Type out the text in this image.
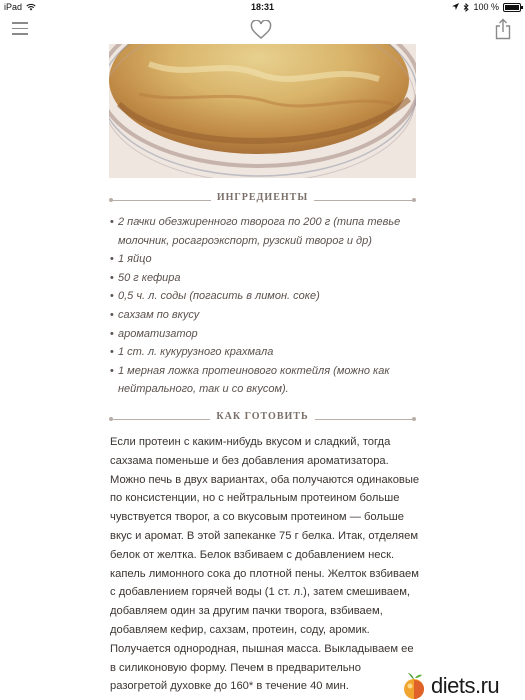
iPad	18:31	100 %
ИНГРЕДИЕНТЫ
• 2 пачки обезжиренного творога по 200 г (типа тевье молочник, росагроэкспорт, рузский творог и др)
• 1 яйцо
• 50 г кефира
• 0,5 ч. л. соды (погасить в лимон. соке)
• сахзам по вкусу
• ароматизатор
• 1 ст. л. кукурузного крахмала
• 1 мерная ложка протеинового коктейля (можно как нейтрального, так и со вкусом).
КАК ГОТОВИТЬ

Если протеин с каким-нибудь вкусом и сладкий, тогда сахзама поменьше и без добавления ароматизатора. Можно печь в двух вариантах, оба получаются одинаковые по консистенции, но с нейтральным протеином больше чувствуется творог, а со вкусовым протеином — больше вкус и аромат. В этой запеканке 75 г белка. Итак, отделяем белок от желтка. Белок взбиваем с добавлением неск. капель лимонного сока до плотной пены. Желток взбиваем с добавлением горячей воды (1 ст. л.), затем смешиваем, добавляем один за другим пачки творога, взбиваем, добавляем кефир, сахзам, протеин, соду, аромик. Получается однородная, пышная масса. Выкладываем ее в силиконовую форму. Печем в предварительно разогретой духовке до 160* в течение 40 мин.	diets.ru
